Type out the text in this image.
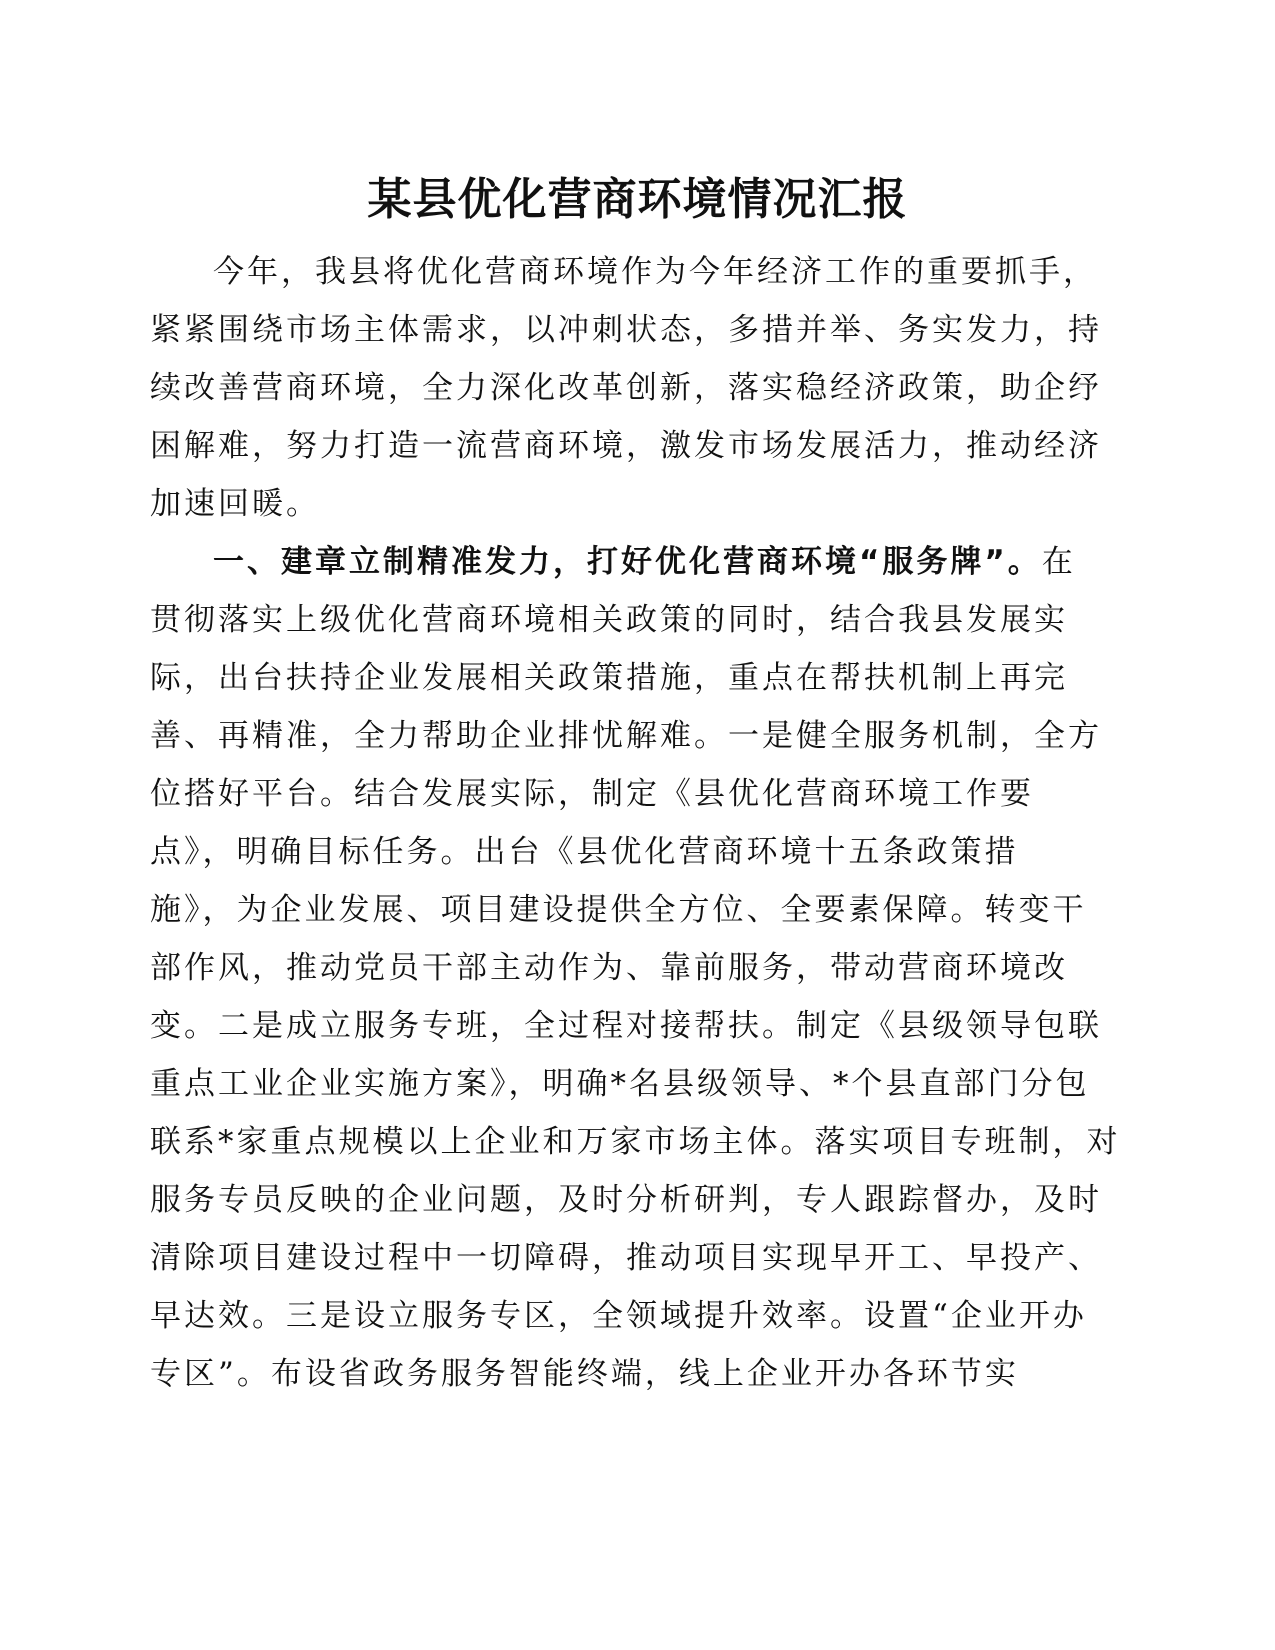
某县优化营商环境情况汇报

今年，我县将优化营商环境作为今年经济工作的重要抓手，

紧紧围绕市场主体需求，以冲刺状态，多措并举、务实发力，持

续改善营商环境，全力深化改革创新，落实稳经济政策，助企纾

困解难，努力打造一流营商环境，激发市场发展活力，推动经济

加速回暖。

一、建章立制精准发力，打好优化营商环境“服务牌”。在

贯彻落实上级优化营商环境相关政策的同时，结合我县发展实

际，出台扶持企业发展相关政策措施，重点在帮扶机制上再完

善、再精准，全力帮助企业排忧解难。一是健全服务机制，全方

位搭好平台。结合发展实际，制定《县优化营商环境工作要

点》，明确目标任务。出台《县优化营商环境十五条政策措

施》，为企业发展、项目建设提供全方位、全要素保障。转变干

部作风，推动党员干部主动作为、靠前服务，带动营商环境改

变。二是成立服务专班，全过程对接帮扶。制定《县级领导包联

重点工业企业实施方案》，明确*名县级领导、*个县直部门分包

联系*家重点规模以上企业和万家市场主体。落实项目专班制，对

服务专员反映的企业问题，及时分析研判，专人跟踪督办，及时

清除项目建设过程中一切障碍，推动项目实现早开工、早投产、

早达效。三是设立服务专区，全领域提升效率。设置“企业开办

专区”。布设省政务服务智能终端，线上企业开办各环节实
